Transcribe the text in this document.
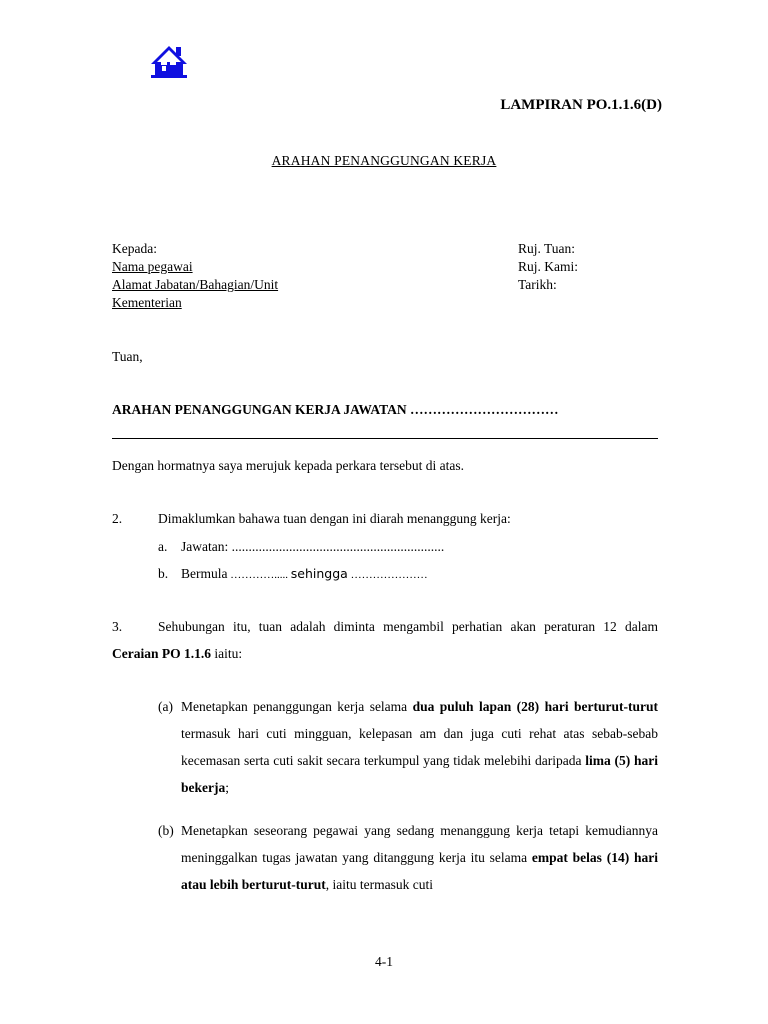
LAMPIRAN PO.1.1.6(D)
ARAHAN PENANGGUNGAN KERJA
Kepada:
Nama pegawai
Alamat Jabatan/Bahagian/Unit
Kementerian
Ruj. Tuan:
Ruj. Kami:
Tarikh:
Tuan,
ARAHAN PENANGGUNGAN KERJA JAWATAN ……………………………
Dengan hormatnya saya merujuk kepada perkara tersebut di atas.
2.	Dimaklumkan bahawa tuan dengan ini diarah menanggung kerja:
a. Jawatan: ...............................................................
b. Bermula …………..... sehingga …………………
3.	Sehubungan itu, tuan adalah diminta mengambil perhatian akan peraturan 12 dalam Ceraian PO 1.1.6 iaitu:
(a) Menetapkan penanggungan kerja selama dua puluh lapan (28) hari berturut-turut termasuk hari cuti mingguan, kelepasan am dan juga cuti rehat atas sebab-sebab kecemasan serta cuti sakit secara terkumpul yang tidak melebihi daripada lima (5) hari bekerja;
(b) Menetapkan seseorang pegawai yang sedang menanggung kerja tetapi kemudiannya meninggalkan tugas jawatan yang ditanggung kerja itu selama empat belas (14) hari atau lebih berturut-turut, iaitu termasuk cuti
4-1
